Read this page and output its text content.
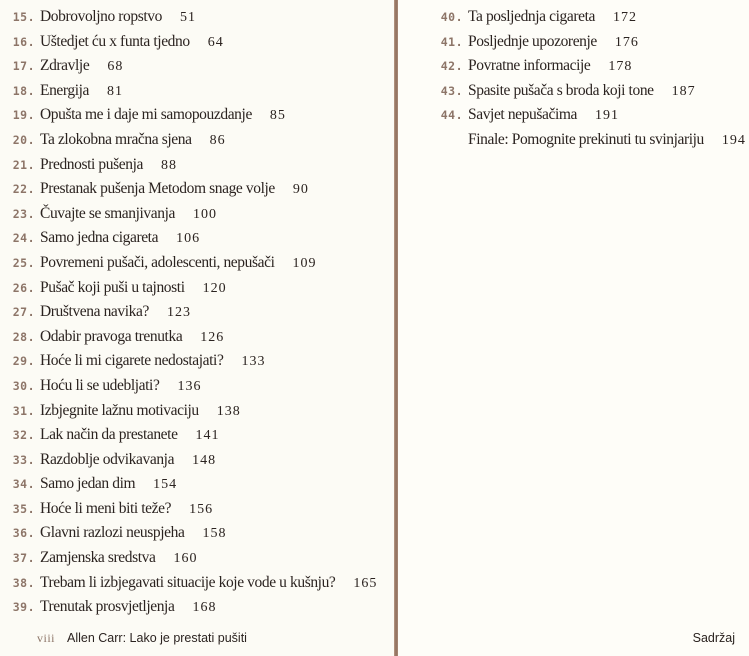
15. Dobrovoljno ropstvo 51
16. Uštedjet ću x funta tjedno 64
17. Zdravlje 68
18. Energija 81
19. Opušta me i daje mi samopouzdanje 85
20. Ta zlokobna mračna sjena 86
21. Prednosti pušenja 88
22. Prestanak pušenja Metodom snage volje 90
23. Čuvajte se smanjivanja 100
24. Samo jedna cigareta 106
25. Povremeni pušači, adolescenti, nepušači 109
26. Pušač koji puši u tajnosti 120
27. Društvena navika? 123
28. Odabir pravoga trenutka 126
29. Hoće li mi cigarete nedostajati? 133
30. Hoću li se udebljati? 136
31. Izbjegnite lažnu motivaciju 138
32. Lak način da prestanete 141
33. Razdoblje odvikavanja 148
34. Samo jedan dim 154
35. Hoće li meni biti teže? 156
36. Glavni razlozi neuspjeha 158
37. Zamjenska sredstva 160
38. Trebam li izbjegavati situacije koje vode u kušnju? 165
39. Trenutak prosvjetljenja 168
viii Allen Carr: Lako je prestati pušiti
40. Ta posljednja cigareta 172
41. Posljednje upozorenje 176
42. Povratne informacije 178
43. Spasite pušača s broda koji tone 187
44. Savjet nepušačima 191
Finale: Pomognite prekinuti tu svinjariju 194
Sadržaj
